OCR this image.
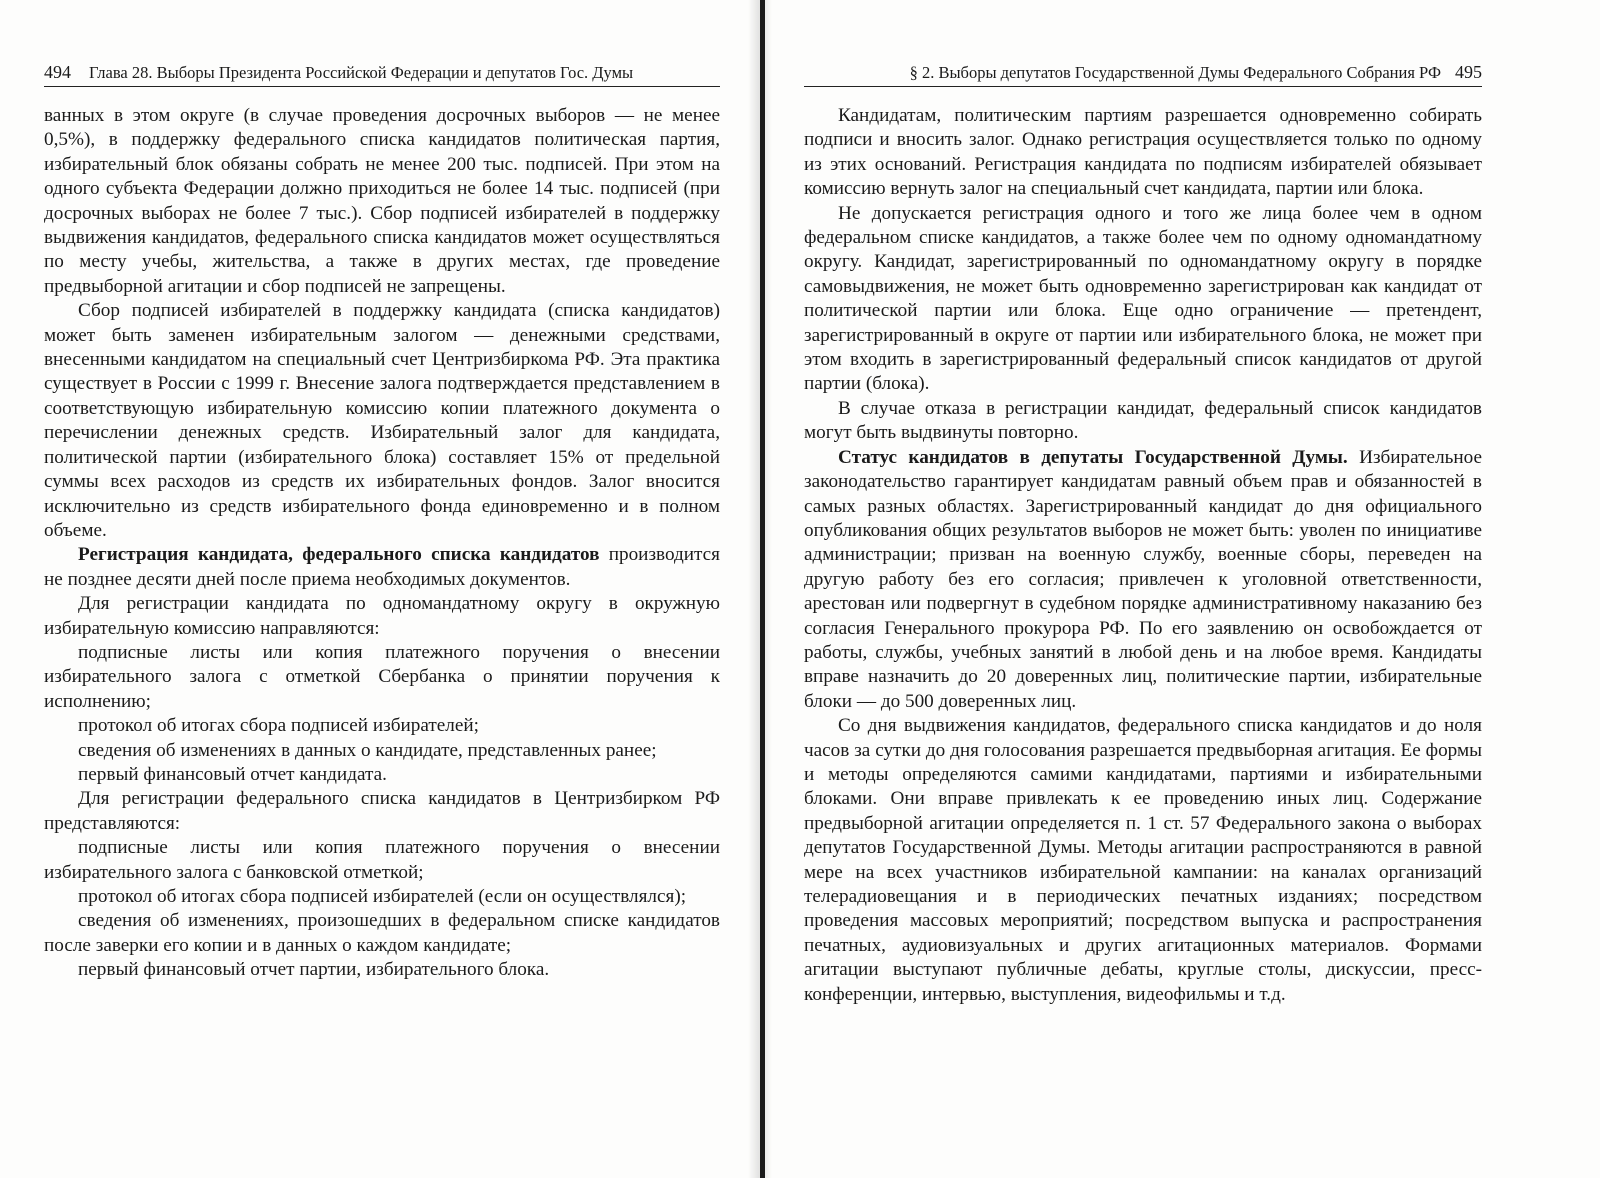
494 Глава 28. Выборы Президента Российской Федерации и депутатов Гос. Думы

ванных в этом округе (в случае проведения досрочных выборов — не менее 0,5%), в поддержку федерального списка кандидатов политическая партия, избирательный блок обязаны собрать не менее 200 тыс. подписей. При этом на одного субъекта Федерации должно приходиться не более 14 тыс. подписей (при досрочных выборах не более 7 тыс.). Сбор подписей избирателей в поддержку выдвижения кандидатов, федерального списка кандидатов может осуществляться по месту учебы, жительства, а также в других местах, где проведение предвыборной агитации и сбор подписей не запрещены.

Сбор подписей избирателей в поддержку кандидата (списка кандидатов) может быть заменен избирательным залогом — денежными средствами, внесенными кандидатом на специальный счет Центризбиркома РФ. Эта практика существует в России с 1999 г. Внесение залога подтверждается представлением в соответствующую избирательную комиссию копии платежного документа о перечислении денежных средств. Избирательный залог для кандидата, политической партии (избирательного блока) составляет 15% от предельной суммы всех расходов из средств их избирательных фондов. Залог вносится исключительно из средств избирательного фонда единовременно и в полном объеме.

Регистрация кандидата, федерального списка кандидатов производится не позднее десяти дней после приема необходимых документов.

Для регистрации кандидата по одномандатному округу в окружную избирательную комиссию направляются:

подписные листы или копия платежного поручения о внесении избирательного залога с отметкой Сбербанка о принятии поручения к исполнению;

протокол об итогах сбора подписей избирателей;

сведения об изменениях в данных о кандидате, представленных ранее;

первый финансовый отчет кандидата.

Для регистрации федерального списка кандидатов в Центризбирком РФ представляются:

подписные листы или копия платежного поручения о внесении избирательного залога с банковской отметкой;

протокол об итогах сбора подписей избирателей (если он осуществлялся);

сведения об изменениях, произошедших в федеральном списке кандидатов после заверки его копии и в данных о каждом кандидате;

первый финансовый отчет партии, избирательного блока.

§ 2. Выборы депутатов Государственной Думы Федерального Собрания РФ 495

Кандидатам, политическим партиям разрешается одновременно собирать подписи и вносить залог. Однако регистрация осуществляется только по одному из этих оснований. Регистрация кандидата по подписям избирателей обязывает комиссию вернуть залог на специальный счет кандидата, партии или блока.

Не допускается регистрация одного и того же лица более чем в одном федеральном списке кандидатов, а также более чем по одному одномандатному округу. Кандидат, зарегистрированный по одномандатному округу в порядке самовыдвижения, не может быть одновременно зарегистрирован как кандидат от политической партии или блока. Еще одно ограничение — претендент, зарегистрированный в округе от партии или избирательного блока, не может при этом входить в зарегистрированный федеральный список кандидатов от другой партии (блока).

В случае отказа в регистрации кандидат, федеральный список кандидатов могут быть выдвинуты повторно.

Статус кандидатов в депутаты Государственной Думы. Избирательное законодательство гарантирует кандидатам равный объем прав и обязанностей в самых разных областях. Зарегистрированный кандидат до дня официального опубликования общих результатов выборов не может быть: уволен по инициативе администрации; призван на военную службу, военные сборы, переведен на другую работу без его согласия; привлечен к уголовной ответственности, арестован или подвергнут в судебном порядке административному наказанию без согласия Генерального прокурора РФ. По его заявлению он освобождается от работы, службы, учебных занятий в любой день и на любое время. Кандидаты вправе назначить до 20 доверенных лиц, политические партии, избирательные блоки — до 500 доверенных лиц.

Со дня выдвижения кандидатов, федерального списка кандидатов и до ноля часов за сутки до дня голосования разрешается предвыборная агитация. Ее формы и методы определяются самими кандидатами, партиями и избирательными блоками. Они вправе привлекать к ее проведению иных лиц. Содержание предвыборной агитации определяется п. 1 ст. 57 Федерального закона о выборах депутатов Государственной Думы. Методы агитации распространяются в равной мере на всех участников избирательной кампании: на каналах организаций телерадиовещания и в периодических печатных изданиях; посредством проведения массовых мероприятий; посредством выпуска и распространения печатных, аудиовизуальных и других агитационных материалов. Формами агитации выступают публичные дебаты, круглые столы, дискуссии, пресс-конференции, интервью, выступления, видеофильмы и т.д.
